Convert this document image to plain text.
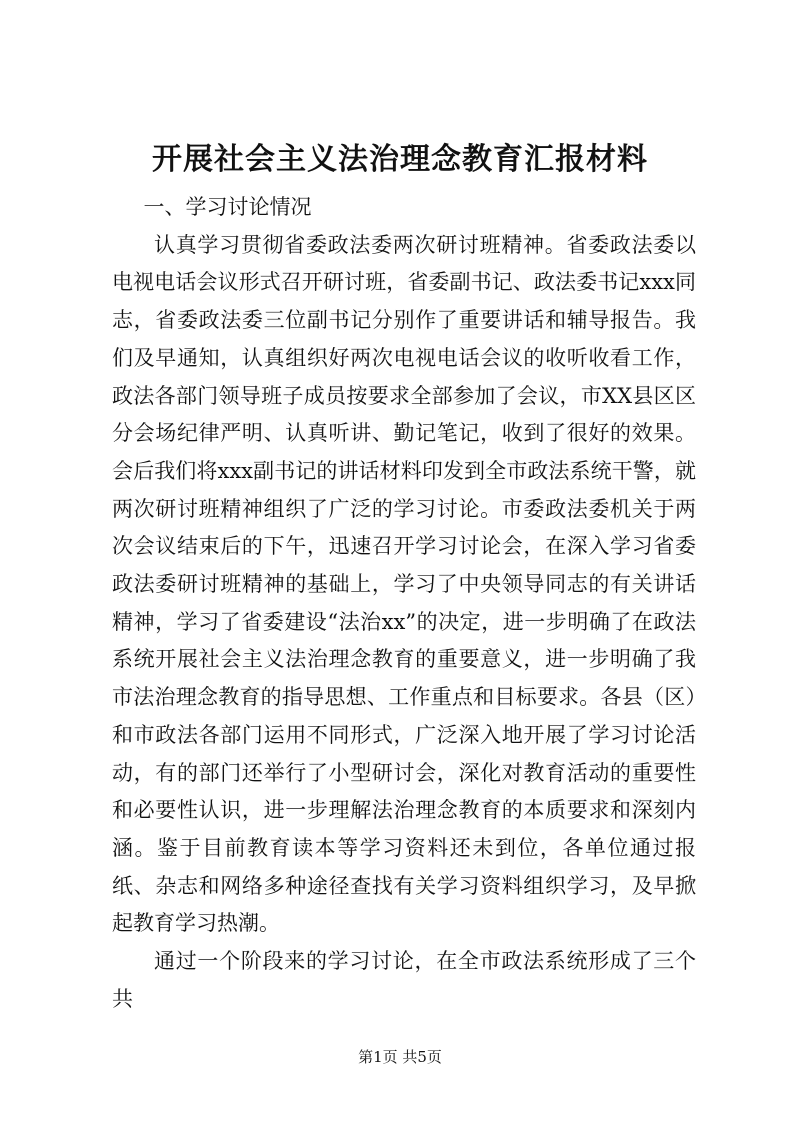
开展社会主义法治理念教育汇报材料

一、学习讨论情况

认真学习贯彻省委政法委两次研讨班精神。省委政法委以电视电话会议形式召开研讨班，省委副书记、政法委书记xxx同志，省委政法委三位副书记分别作了重要讲话和辅导报告。我们及早通知，认真组织好两次电视电话会议的收听收看工作，政法各部门领导班子成员按要求全部参加了会议，市XX县区区分会场纪律严明、认真听讲、勤记笔记，收到了很好的效果。会后我们将xxx副书记的讲话材料印发到全市政法系统干警，就两次研讨班精神组织了广泛的学习讨论。市委政法委机关于两次会议结束后的下午，迅速召开学习讨论会，在深入学习省委政法委研讨班精神的基础上，学习了中央领导同志的有关讲话精神，学习了省委建设“法治xx”的决定，进一步明确了在政法系统开展社会主义法治理念教育的重要意义，进一步明确了我市法治理念教育的指导思想、工作重点和目标要求。各县（区）和市政法各部门运用不同形式，广泛深入地开展了学习讨论活动，有的部门还举行了小型研讨会，深化对教育活动的重要性和必要性认识，进一步理解法治理念教育的本质要求和深刻内涵。鉴于目前教育读本等学习资料还未到位，各单位通过报纸、杂志和网络多种途径查找有关学习资料组织学习，及早掀起教育学习热潮。

通过一个阶段来的学习讨论，在全市政法系统形成了三个共

第1页 共5页
